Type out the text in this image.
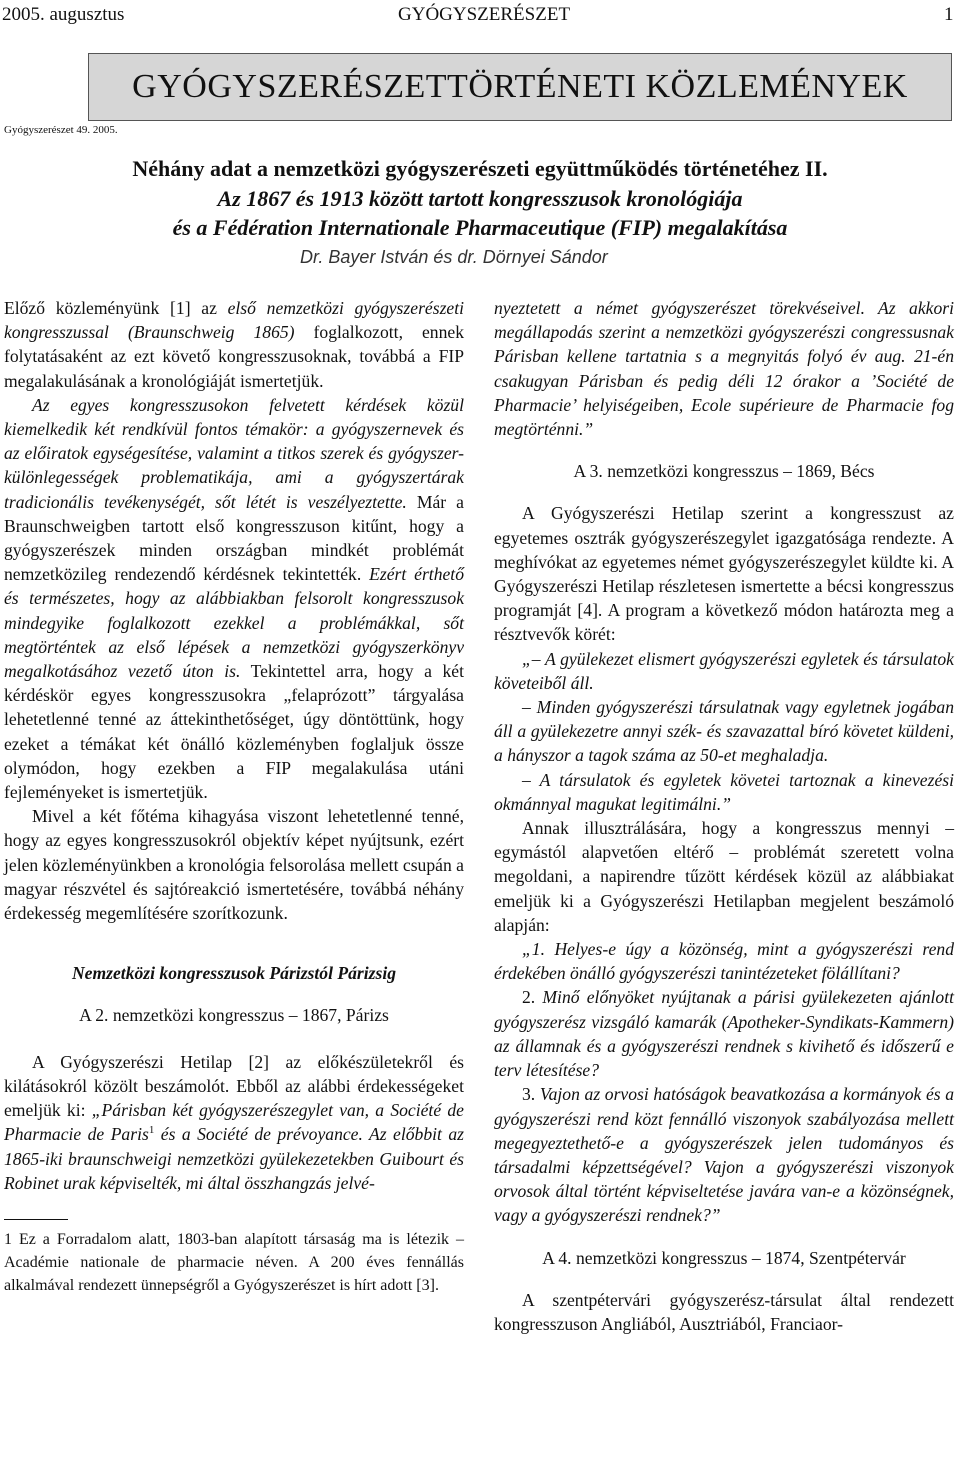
2005. augusztus	GYÓGYSZERÉSZET	1
GYÓGYSZERÉSZETTÖRTÉNETI KÖZLEMÉNYEK
Gyógyszerészet 49. 2005.
Néhány adat a nemzetközi gyógyszerészeti együttműködés történetéhez II.
Az 1867 és 1913 között tartott kongresszusok kronológiája
és a Fédération Internationale Pharmaceutique (FIP) megalakítása
Dr. Bayer István és dr. Dörnyei Sándor

Előző közleményünk [1] az első nemzetközi gyógyszerészeti kongresszussal (Braunschweig 1865) foglalkozott, ennek folytatásaként az ezt követő kongresszusoknak, továbbá a FIP megalakulásának a kronológiáját ismertetjük.

Az egyes kongresszusokon felvetett kérdések közül kiemelkedik két rendkívül fontos témakör: a gyógyszernevek és az előiratok egységesítése, valamint a titkos szerek és gyógyszer-különlegességek problematikája, ami a gyógyszertárak tradicionális tevékenységét, sőt létét is veszélyeztette. Már a Braunschweigben tartott első kongresszuson kitűnt, hogy a gyógyszerészek minden országban mindkét problémát nemzetközileg rendezendő kérdésnek tekintették. Ezért érthető és természetes, hogy az alábbiakban felsorolt kongresszusok mindegyike foglalkozott ezekkel a problémákkal, sőt megtörténtek az első lépések a nemzetközi gyógyszerkönyv megalkotásához vezető úton is. Tekintettel arra, hogy a két kérdéskör egyes kongresszusokra „felaprózott” tárgyalása lehetetlenné tenné az áttekinthetőséget, úgy döntöttünk, hogy ezeket a témákat két önálló közleményben foglaljuk össze olymódon, hogy ezekben a FIP megalakulása utáni fejleményeket is ismertetjük.

Mivel a két főtéma kihagyása viszont lehetetlenné tenné, hogy az egyes kongresszusokról objektív képet nyújtsunk, ezért jelen közleményünkben a kronológia felsorolása mellett csupán a magyar részvétel és sajtóreakció ismertetésére, továbbá néhány érdekesség megemlítésére szorítkozunk.

Nemzetközi kongresszusok Párizstól Párizsig

A 2. nemzetközi kongresszus – 1867, Párizs

A Gyógyszerészi Hetilap [2] az előkészületekről és kilátásokról közölt beszámolót. Ebből az alábbi érdekességeket emeljük ki: „Párisban két gyógyszerészegylet van, a Société de Pharmacie de Paris$^1$ és a Société de prévoyance. Az előbbit az 1865-iki braunschweigi nemzetközi gyülekezetekben Guibourt és Robinet urak képviselték, mi által összhangzás jelvé-

1 Ez a Forradalom alatt, 1803-ban alapított társaság ma is létezik – Académie nationale de pharmacie néven. A 200 éves fennállás alkalmával rendezett ünnepségről a Gyógyszerészet is hírt adott [3].

nyeztetett a német gyógyszerészet törekvéseivel. Az akkori megállapodás szerint a nemzetközi gyógyszerészi congressusnak Párisban kellene tartatnia s a megnyitás folyó év aug. 21-én csakugyan Párisban és pedig déli 12 órakor a ’Société de Pharmacie’ helyiségeiben, Ecole supérieure de Pharmacie fog megtörténni.”

A 3. nemzetközi kongresszus – 1869, Bécs

A Gyógyszerészi Hetilap szerint a kongresszust az egyetemes osztrák gyógyszerészegylet igazgatósága rendezte. A meghívókat az egyetemes német gyógyszerészegylet küldte ki. A Gyógyszerészi Hetilap részletesen ismertette a bécsi kongresszus programját [4]. A program a következő módon határozta meg a résztvevők körét:

„– A gyülekezet elismert gyógyszerészi egyletek és társulatok követeiből áll.

– Minden gyógyszerészi társulatnak vagy egyletnek jogában áll a gyülekezetre annyi szék- és szavazattal bíró követet küldeni, a hányszor a tagok száma az 50-et meghaladja.

– A társulatok és egyletek követei tartoznak a kinevezési okmánnyal magukat legitimálni.”

Annak illusztrálására, hogy a kongresszus mennyi – egymástól alapvetően eltérő – problémát szeretett volna megoldani, a napirendre tűzött kérdések közül az alábbiakat emeljük ki a Gyógyszerészi Hetilapban megjelent beszámoló alapján:

„1. Helyes-e úgy a közönség, mint a gyógyszerészi rend érdekében önálló gyógyszerészi tanintézeteket fölállítani?

2. Minő előnyöket nyújtanak a párisi gyülekezeten ajánlott gyógyszerész vizsgáló kamarák (Apotheker-Syndikats-Kammern) az államnak és a gyógyszerészi rendnek s kivihető és időszerű e terv létesítése?

3. Vajon az orvosi hatóságok beavatkozása a kormányok és a gyógyszerészi rend közt fennálló viszonyok szabályozása mellett megegyeztethető-e a gyógyszerészek jelen tudományos és társadalmi képzettségével? Vajon a gyógyszerészi viszonyok orvosok által történt képviseltetése javára van-e a közönségnek, vagy a gyógyszerészi rendnek?”

A 4. nemzetközi kongresszus – 1874, Szentpétervár

A szentpétervári gyógyszerész-társulat által rendezett kongresszuson Angliából, Ausztriából, Franciaor-
